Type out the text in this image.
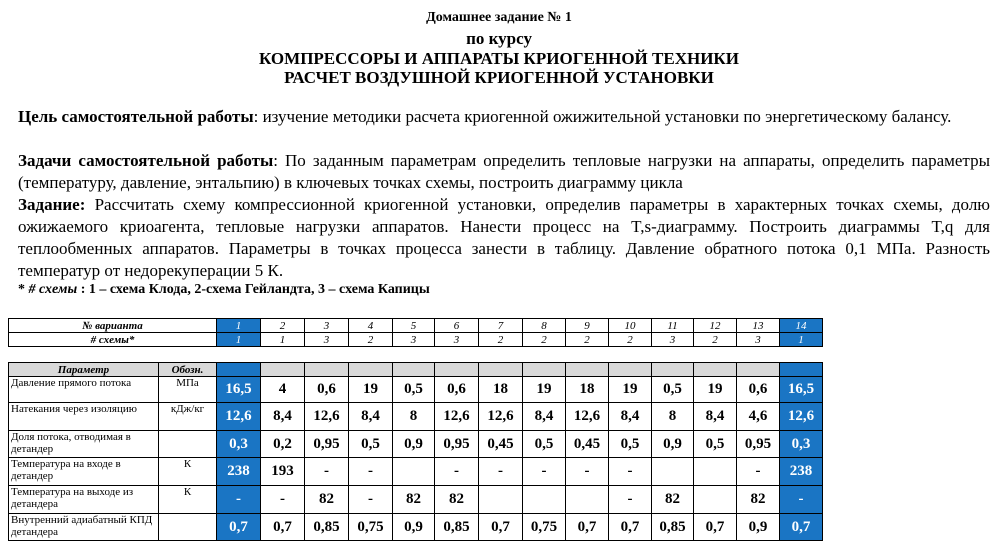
Домашнее задание № 1
по курсу
КОМПРЕССОРЫ И АППАРАТЫ КРИОГЕННОЙ ТЕХНИКИ
РАСЧЕТ ВОЗДУШНОЙ КРИОГЕННОЙ УСТАНОВКИ
Цель самостоятельной работы: изучение методики расчета криогенной ожижительной установки по энергетическому балансу.
Задачи самостоятельной работы: По заданным параметрам определить тепловые нагрузки на аппараты, определить параметры (температуру, давление, энтальпию) в ключевых точках схемы, построить диаграмму цикла
Задание: Рассчитать схему компрессионной криогенной установки, определив параметры в характерных точках схемы, долю ожижаемого криоагента, тепловые нагрузки аппаратов. Нанести процесс на T,s-диаграмму. Построить диаграммы T,q для теплообменных аппаратов. Параметры в точках процесса занести в таблицу. Давление обратного потока 0,1 МПа. Разность температур от недорекуперации 5 К.
* # схемы : 1 – схема Клода, 2-схема Гейландта, 3 – схема Капицы
№ варианта	1	2	3	4	5	6	7	8	9	10	11	12	13	14
# схемы*	1	1	3	2	3	3	2	2	2	2	3	2	3	1
Параметр	Обозн.														
Давление прямого потока	МПа	16,5	4	0,6	19	0,5	0,6	18	19	18	19	0,5	19	0,6	16,5
Натекания через изоляцию	кДж/кг	12,6	8,4	12,6	8,4	8	12,6	12,6	8,4	12,6	8,4	8	8,4	4,6	12,6
Доля потока, отводимая в детандер		0,3	0,2	0,95	0,5	0,9	0,95	0,45	0,5	0,45	0,5	0,9	0,5	0,95	0,3
Температура на входе в детандер	К	238	193	-	-		-	-	-	-	-			-	238
Температура на выходе из детандера	К	-	-	82	-	82	82				-	82		82	-
Внутренний адиабатный КПД детандера		0,7	0,7	0,85	0,75	0,9	0,85	0,7	0,75	0,7	0,7	0,85	0,7	0,9	0,7
